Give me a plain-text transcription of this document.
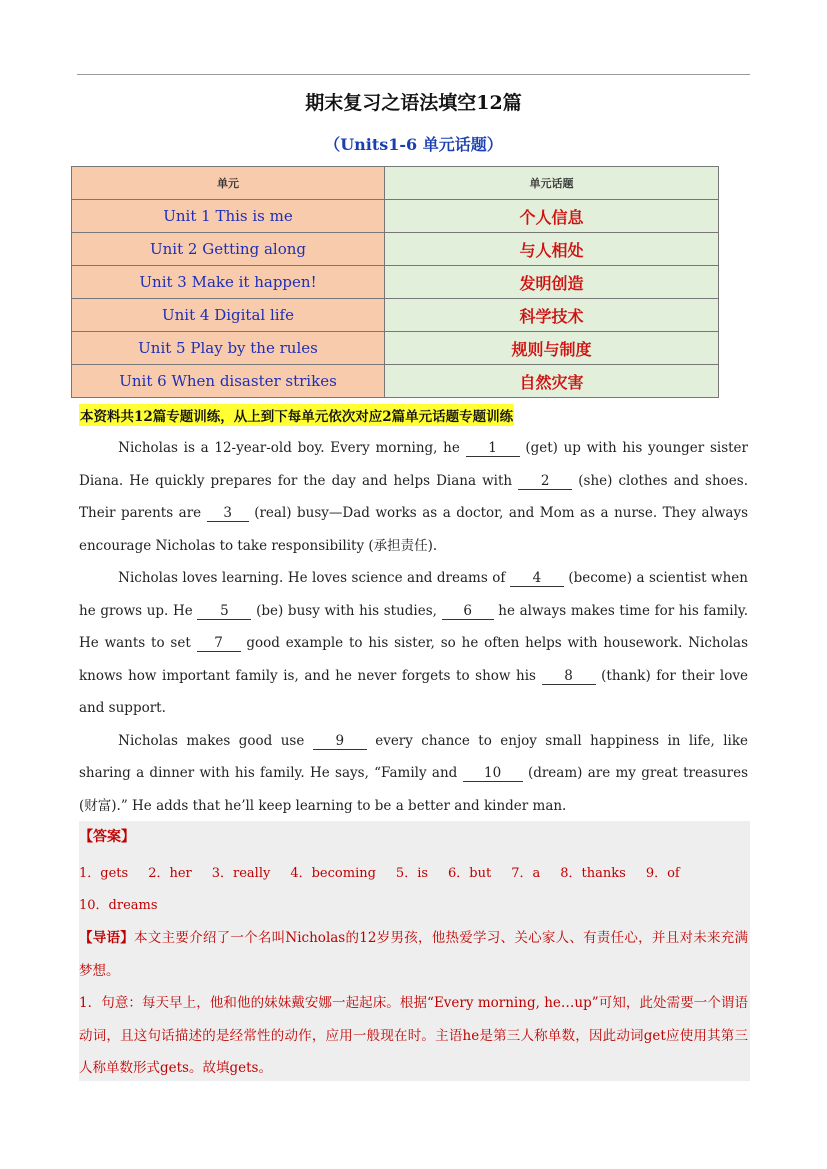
期末复习之语法填空12篇
（Units1-6 单元话题）
单元	单元话题
Unit 1 This is me	个人信息
Unit 2 Getting along	与人相处
Unit 3 Make it happen!	发明创造
Unit 4 Digital life	科学技术
Unit 5 Play by the rules	规则与制度
Unit 6 When disaster strikes	自然灾害
本资料共12篇专题训练，从上到下每单元依次对应2篇单元话题专题训练

Nicholas is a 12-year-old boy. Every morning, he 1 (get) up with his younger sister Diana. He quickly prepares for the day and helps Diana with 2 (she) clothes and shoes. Their parents are 3 (real) busy—Dad works as a doctor, and Mom as a nurse. They always encourage Nicholas to take responsibility (承担责任).

Nicholas loves learning. He loves science and dreams of 4 (become) a scientist when he grows up. He 5 (be) busy with his studies, 6 he always makes time for his family. He wants to set 7 good example to his sister, so he often helps with housework. Nicholas knows how important family is, and he never forgets to show his 8 (thank) for their love and support.

Nicholas makes good use 9 every chance to enjoy small happiness in life, like sharing a dinner with his family. He says, “Family and 10 (dream) are my great treasures (财富).” He adds that he’ll keep learning to be a better and kinder man.

【答案】
1．gets 2．her 3．really 4．becoming 5．is 6．but 7．a 8．thanks 9．of
10．dreams
【导语】本文主要介绍了一个名叫Nicholas的12岁男孩，他热爱学习、关心家人、有责任心，并且对未来充满梦想。
1．句意：每天早上，他和他的妹妹戴安娜一起起床。根据“Every morning, he…up”可知，此处需要一个谓语动词，且这句话描述的是经常性的动作，应用一般现在时。主语he是第三人称单数，因此动词get应使用其第三人称单数形式gets。故填gets。
